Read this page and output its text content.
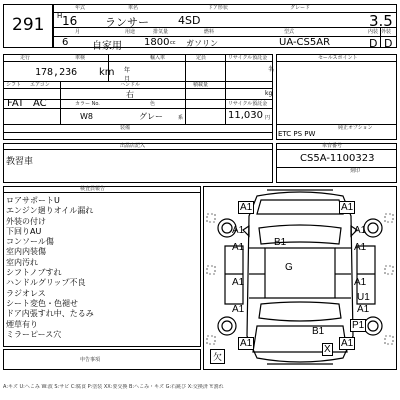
291
年式	車名	ドア形状	グレード
H 16	ランサー	4SD	3.5
月	用途	排気量	燃料	型式	内装 外装
6 自家用 1800 cc ガソリン	UA-CS5AR	D D
走行	車検	輸入車	定員	リサイクル預託金
178,236 km 年
月
名
シフト エアコン	ハンドル	積載量
右	kg
FAT AC	カラー No.	色	リサイクル預託金
W8	グレー	系	11,030 円
装備
セールスポイント
純正オプション
ETC PS PW
出品店記入
教習車
車台番号
CS5A-1100323
刻印
検査員報告
ロアサポートU
エンジン廻りオイル漏れ
外装の付け
下回りAU
コンソール傷
室内内装傷
室内汚れ
シフトノブすれ
ハンドルグリップ不良
ラジオレス
シート変色・色褪せ
ドア内張すれ中、たるみ
煙草有り
ミラーピース穴
A1	A1
A1
A1	B1
A1
A1
G
A1
A1
A1
U1
A1
P1
B1
A1
X
A1
欠
申告事項
A:キズ U:へこみ W:波 S:サビ C:腐食 P:塗装 XX:要交換 B:へこみ・キズ G:石跳び X:交換済 Y:割れ
